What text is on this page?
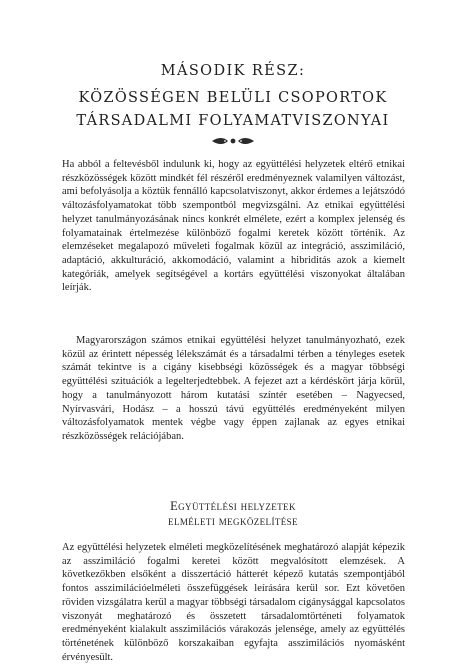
MÁSODIK RÉSZ:
KÖZÖSSÉGEN BELÜLI CSOPORTOK
TÁRSADALMI FOLYAMATVISZONYAI

Ha abból a feltevésből indulunk ki, hogy az együttélési helyzetek eltérő etnikai részközösségek között mindkét fél részéről eredményeznek valamilyen változást, ami befolyásolja a köztük fennálló kapcsolatviszonyt, akkor érdemes a lejátszódó változásfolyamatokat több szempontból megvizsgálni. Az etnikai együttélési helyzet tanulmányozásának nincs konkrét elmélete, ezért a komplex jelenség és folyamatainak értelmezése különböző fogalmi keretek között történik. Az elemzéseket megalapozó műveleti fogalmak közül az integráció, asszimiláció, adaptáció, akkulturáció, akkomodáció, valamint a hibriditás azok a kiemelt kategóriák, amelyek segítségével a kortárs együttélési viszonyokat általában leírják.

Magyarországon számos etnikai együttélési helyzet tanulmányozható, ezek közül az érintett népesség lélekszámát és a társadalmi térben a tényleges esetek számát tekintve is a cigány kisebbségi közösségek és a magyar többségi együttélési szituációk a legelterjedtebbek. A fejezet azt a kérdéskört járja körül, hogy a tanulmányozott három kutatási színtér esetében – Nagyecsed, Nyírvasvári, Hodász – a hosszú távú együttélés eredményeként milyen változásfolyamatok mentek végbe vagy éppen zajlanak az egyes etnikai részközösségek relációjában.

Együttélési helyzetek
elméleti megközelítése

Az együttélési helyzetek elméleti megközelítésének meghatározó alapját képezik az asszimiláció fogalmi keretei között megvalósított elemzések. A következőkben elsőként a disszertáció hátterét képező kutatás szempontjából fontos asszimilációelméleti összefüggések leírására kerül sor. Ezt követően röviden vizsgálatra kerül a magyar többségi társadalom cigánysággal kapcsolatos viszonyát meghatározó és összetett társadalomtörténeti folyamatok eredményeként kialakult asszimilációs várakozás jelensége, amely az együttélés történetének különböző korszakaiban egyfajta asszimilációs nyomásként érvényesült.
